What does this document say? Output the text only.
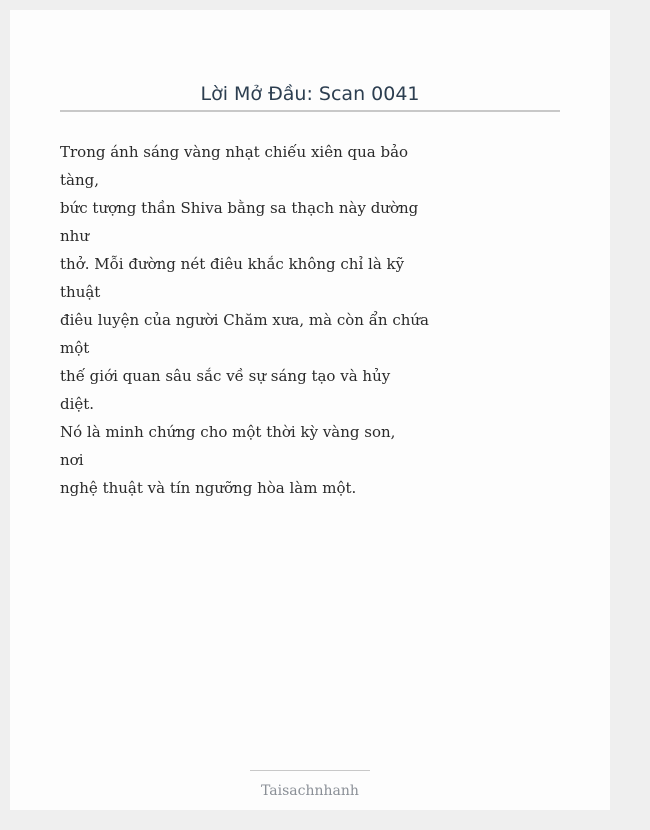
Lời Mở Đầu: Scan 0041

Trong ánh sáng vàng nhạt chiếu xiên qua bảo
tàng,
bức tượng thần Shiva bằng sa thạch này dường
như
thở. Mỗi đường nét điêu khắc không chỉ là kỹ
thuật
điêu luyện của người Chăm xưa, mà còn ẩn chứa
một
thế giới quan sâu sắc về sự sáng tạo và hủy
diệt.
Nó là minh chứng cho một thời kỳ vàng son,
nơi
nghệ thuật và tín ngưỡng hòa làm một.

Taisachnhanh
